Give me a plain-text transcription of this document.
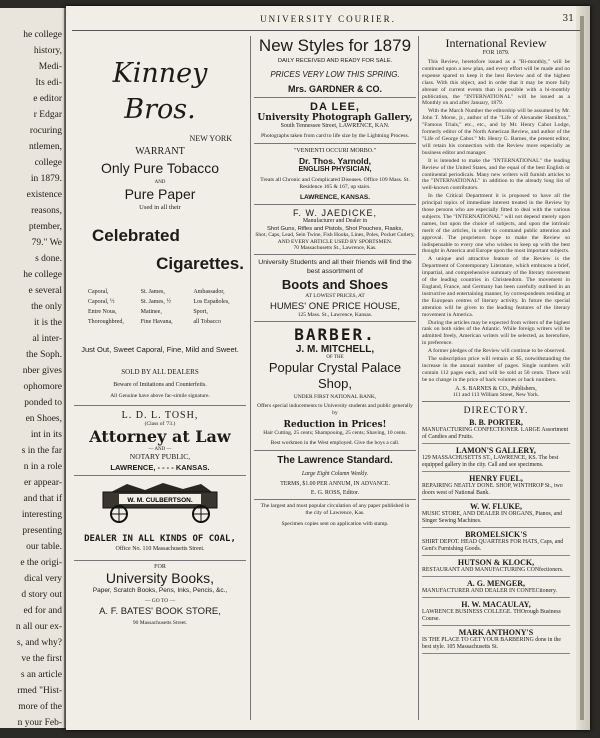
he college
history,
Medi-
Its edi-
e editor
r Edgar
rocuring
ntlemen,
college
in 1879.
existence
reasons,
ptember,
79." We
s done.
he college
e several
the only
it is the
al inter-
the Soph.
nber gives
ophomore
ponded to
en Shoes,
int in its
s in the far
n in a role
er appear-
and that if
interesting
presenting
our table.
e the origi-
dical very
d story out
ed for and
n all our ex-
s, and why?
ve the first
s an article
rmed "Hist-
more of the
n your Feb-
UNIVERSITY COURIER.	31
Kinney Bros.
NEW YORK
WARRANT
Only Pure Tobacco
AND
Pure Paper
Used in all their
Celebrated
Cigarettes.
Caporal,	St. James,	Ambassador,
Caporal, ½	St. James, ½	Los Españoles,
Entre Nous,	Matinee,	Sport,
Thoroughbred,	Fine Havana,	all Tobacco
Just Out, Sweet Caporal, Fine, Mild and Sweet.
SOLD BY ALL DEALERS
Beware of Imitations and Counterfeits.
All Genuine have above fac-simile signature.
L. D. L. TOSH,
(Class of '73.)
Attorney at Law
— AND —
NOTARY PUBLIC,
LAWRENCE, - - - - KANSAS.
W. M. CULBERTSON.
DEALER IN ALL KINDS OF COAL,
Office No. 110 Massachusetts Street.
FOR
University Books,
Paper, Scratch Books, Pens, Inks, Pencis, &c.,
— GO TO —
A. F. BATES' BOOK STORE,
90 Massachusetts Street.
New Styles for 1879
DAILY RECEIVED AND READY FOR SALE.
PRICES VERY LOW THIS SPRING.
Mrs. GARDNER & CO.
DA LEE,
University Photograph Gallery,
South Tennessee Street, LAWRENCE, KAN.
Photographs taken from card to life size by the Lightning Process.
"VENIENTI OCCURI MORBO."
Dr. Thos. Yarnold,
ENGLISH PHYSICIAN,
Treats all Chronic and Complicated Diseases. Office 109 Mass. St. Residence 165 & 167, up stairs.
LAWRENCE, KANSAS.
F. W. JAEDICKE,
Manufacturer and Dealer in
Shot Guns, Rifles and Pistols, Shot Pouches, Flasks,
Shot, Caps, Lead, Sein Twine, Fish Hooks, Lines, Poles, Pocket Cutlery,
AND EVERY ARTICLE USED BY SPORTSMEN.
70 Massachusetts St., Lawrence, Kas.
University Students and all their friends will find the best assortment of
Boots and Shoes
AT LOWEST PRICES, AT
HUMES' ONE PRICE HOUSE,
125 Mass. St., Lawrence, Kansas.
BARBER.
J. M. MITCHELL,
OF THE
Popular Crystal Palace Shop,
UNDER FIRST NATIONAL BANK,
Offers special inducements to University students and public generally by
Reduction in Prices!
Hair Cutting, 25 cents; Shampooing, 25 cents; Shaving, 10 cents.
Best workmen in the West employed. Give the boys a call.
The Lawrence Standard.
Large Eight Column Weekly.
TERMS, $1.00 PER ANNUM, IN ADVANCE.
E. G. ROSS, Editor.
The largest and most popular circulation of any paper published in the city of Lawrence, Kas.
Specimen copies sent on application with stamp.
International Review
FOR 1879.
This Review, heretofore issued as a "Bi-monthly," will be continued upon a new plan, and every effort will be made and no expense spared to keep it the best Review and of the highest class. With this object, and in order that it may be more fully abreast of current events than is possible with a bi-monthly publication, the "INTERNATIONAL" will be issued as a Monthly on and after January, 1879.
With the March Number the editorship will be assumed by Mr. John T. Morse, jr., author of the "Life of Alexander Hamilton," "Famous Trials," etc., etc., and by Mr. Henry Cabot Lodge, formerly editor of the North American Review, and author of the "Life of George Cabot." Mr. Henry G. Barnes, the present editor, will retain his connection with the Review more especially as business editor and manager.
It is intended to make the "INTERNATIONAL" the leading Review of the United States, and the equal of the best English or continental periodicals. Many new writers will furnish articles to the "INTERNATIONAL" in addition to the already long list of well-known contributors.
In the Critical Department it is proposed to have all the principal topics of immediate interest treated in the Review by those persons who are especially fitted to deal with the various subjects. The "INTERNATIONAL" will not depend merely upon names, but upon the choice of subjects, and upon the intrinsic merit of the articles, in order to command public attention and approval. The proprietors hope to make the Review so indispensable to every one who wishes to keep up with the best thought in America and Europe upon the most important subjects.
A unique and attractive feature of the Review is the Department of Contemporary Literature, which embraces a brief, impartial, and comprehensive summary of the literary movement of the leading countries in Christendom. The movement in England, France, and Germany has been carefully outlined in an instructive and entertaining manner, by correspondents residing at the European centres of literary activity. In future the special attention will be given to the leading features of the literary movement in America.
During the articles may be expected from writers of the highest rank on both sides of the Atlantic. While foreign writers will be admitted freely, American writers will be selected, as heretofore, in preference.
A former pledges of the Review will continue to be observed.
The subscription price will remain at $5, notwithstanding the increase in the annual number of pages. Single numbers will contain 112 pages each, and will be sold at 50 cents. There will be no change in the price of back volumes or back numbers.
A. S. BARNES & CO., Publishers,
111 and 113 William Street, New York.
DIRECTORY.
B. B. PORTER,
MANUFACTURING CONFECTIONER. LARGE Assortment of Candies and Fruits.
LAMON'S GALLERY,
129 MASSACHUSETTS ST., LAWRENCE, KS. The best equipped gallery in the city. Call and see specimens.
HENRY FUEL,
REPAIRING NEATLY DONE. SHOP, WINTHROP St., two doors west of National Bank.
W. W. FLUKE,
MUSIC STORE, AND DEALER IN ORGANS, Pianos, and Singer Sewing Machines.
BROMELSICK'S
SHIRT DEPOT. HEAD QUARTERS FOR HATS, Caps, and Gent's Furnishing Goods.
HUTSON & KLOCK,
RESTAURANT AND MANUFACTURING CONfectioners.
A. G. MENGER,
MANUFACTURER AND DEALER IN CONFECtionery.
H. W. MACAULAY,
LAWRENCE BUSINESS COLLEGE. THOrough Business Course.
MARK ANTHONY'S
IS THE PLACE TO GET YOUR BARBERING done in the best style. 105 Massachusetts St.
